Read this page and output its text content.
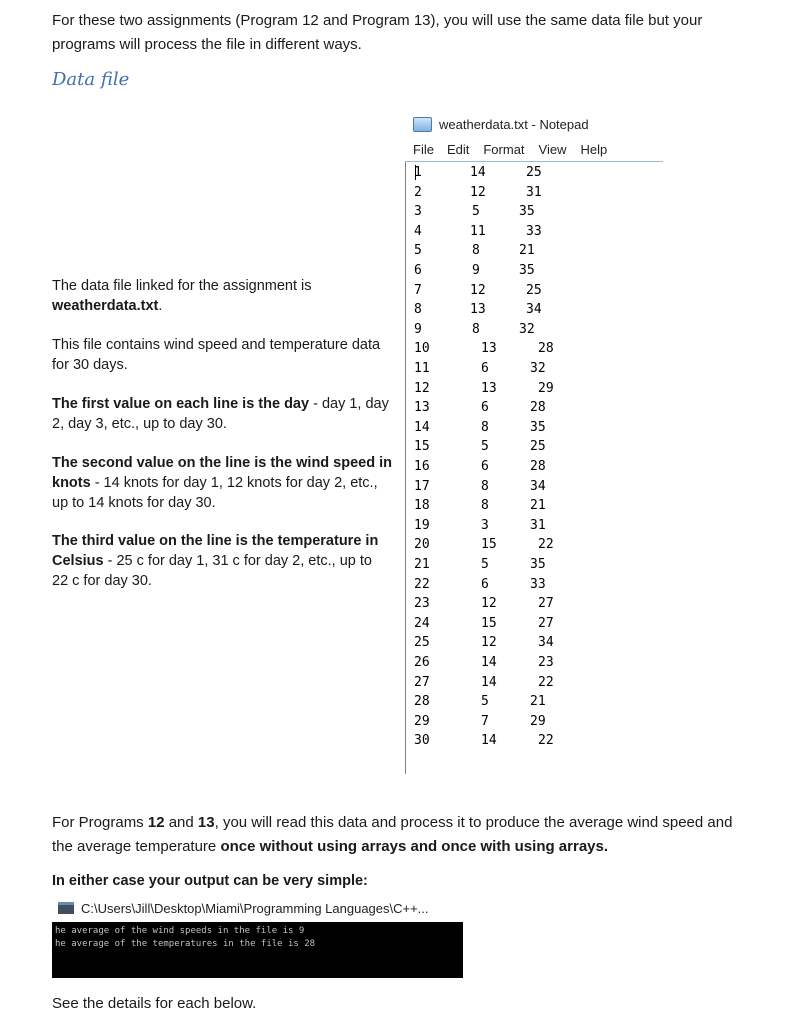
For these two assignments (Program 12 and Program 13), you will use the same data file but your programs will process the file in different ways.

Data file

The data file linked for the assignment is weatherdata.txt.

This file contains wind speed and temperature data for 30 days.

The first value on each line is the day - day 1, day 2, day 3, etc., up to day 30.

The second value on the line is the wind speed in knots - 14 knots for day 1, 12 knots for day 2, etc., up to 14 knots for day 30.

The third value on the line is the temperature in Celsius - 25 c for day 1, 31 c for day 2, etc., up to 22 c for day 30.

weatherdata.txt - Notepad
File Edit Format View Help
1	14	25
2	12	31
3	5	35
4	11	33
5	8	21
6	9	35
7	12	25
8	13	34
9	8	32
10	13	28
11	6	32
12	13	29
13	6	28
14	8	35
15	5	25
16	6	28
17	8	34
18	8	21
19	3	31
20	15	22
21	5	35
22	6	33
23	12	27
24	15	27
25	12	34
26	14	23
27	14	22
28	5	21
29	7	29
30	14	22

For Programs 12 and 13, you will read this data and process it to produce the average wind speed and the average temperature once without using arrays and once with using arrays.

In either case your output can be very simple:

C:\Users\Jill\Desktop\Miami\Programming Languages\C++...
he average of the wind speeds in the file is 9
he average of the temperatures in the file is 28

See the details for each below.
